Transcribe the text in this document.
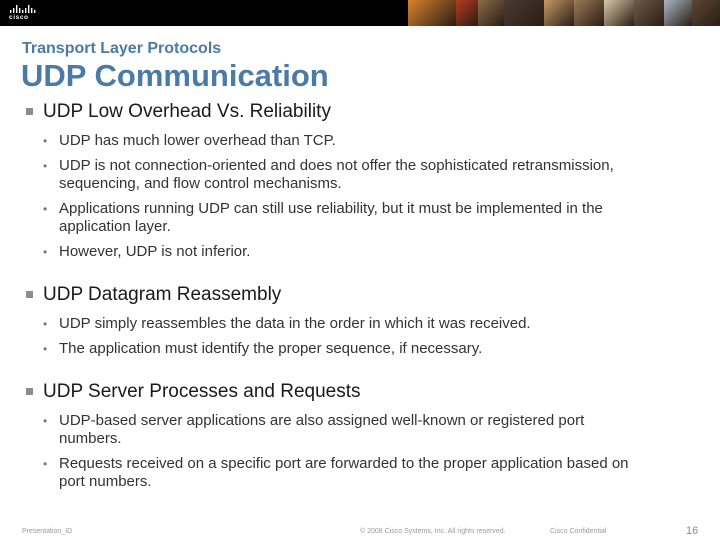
cisco
Transport Layer Protocols
UDP Communication
UDP Low Overhead Vs. Reliability
• UDP has much lower overhead than TCP.
• UDP is not connection-oriented and does not offer the sophisticated retransmission, sequencing, and flow control mechanisms.
• Applications running UDP can still use reliability, but it must be implemented in the application layer.
• However, UDP is not inferior.
UDP Datagram Reassembly
• UDP simply reassembles the data in the order in which it was received.
• The application must identify the proper sequence, if necessary.
UDP Server Processes and Requests
• UDP-based server applications are also assigned well-known or registered port numbers.
• Requests received on a specific port are forwarded to the proper application based on port numbers.
Presentation_ID	© 2008 Cisco Systems, Inc. All rights reserved.	Cisco Confidential	16
